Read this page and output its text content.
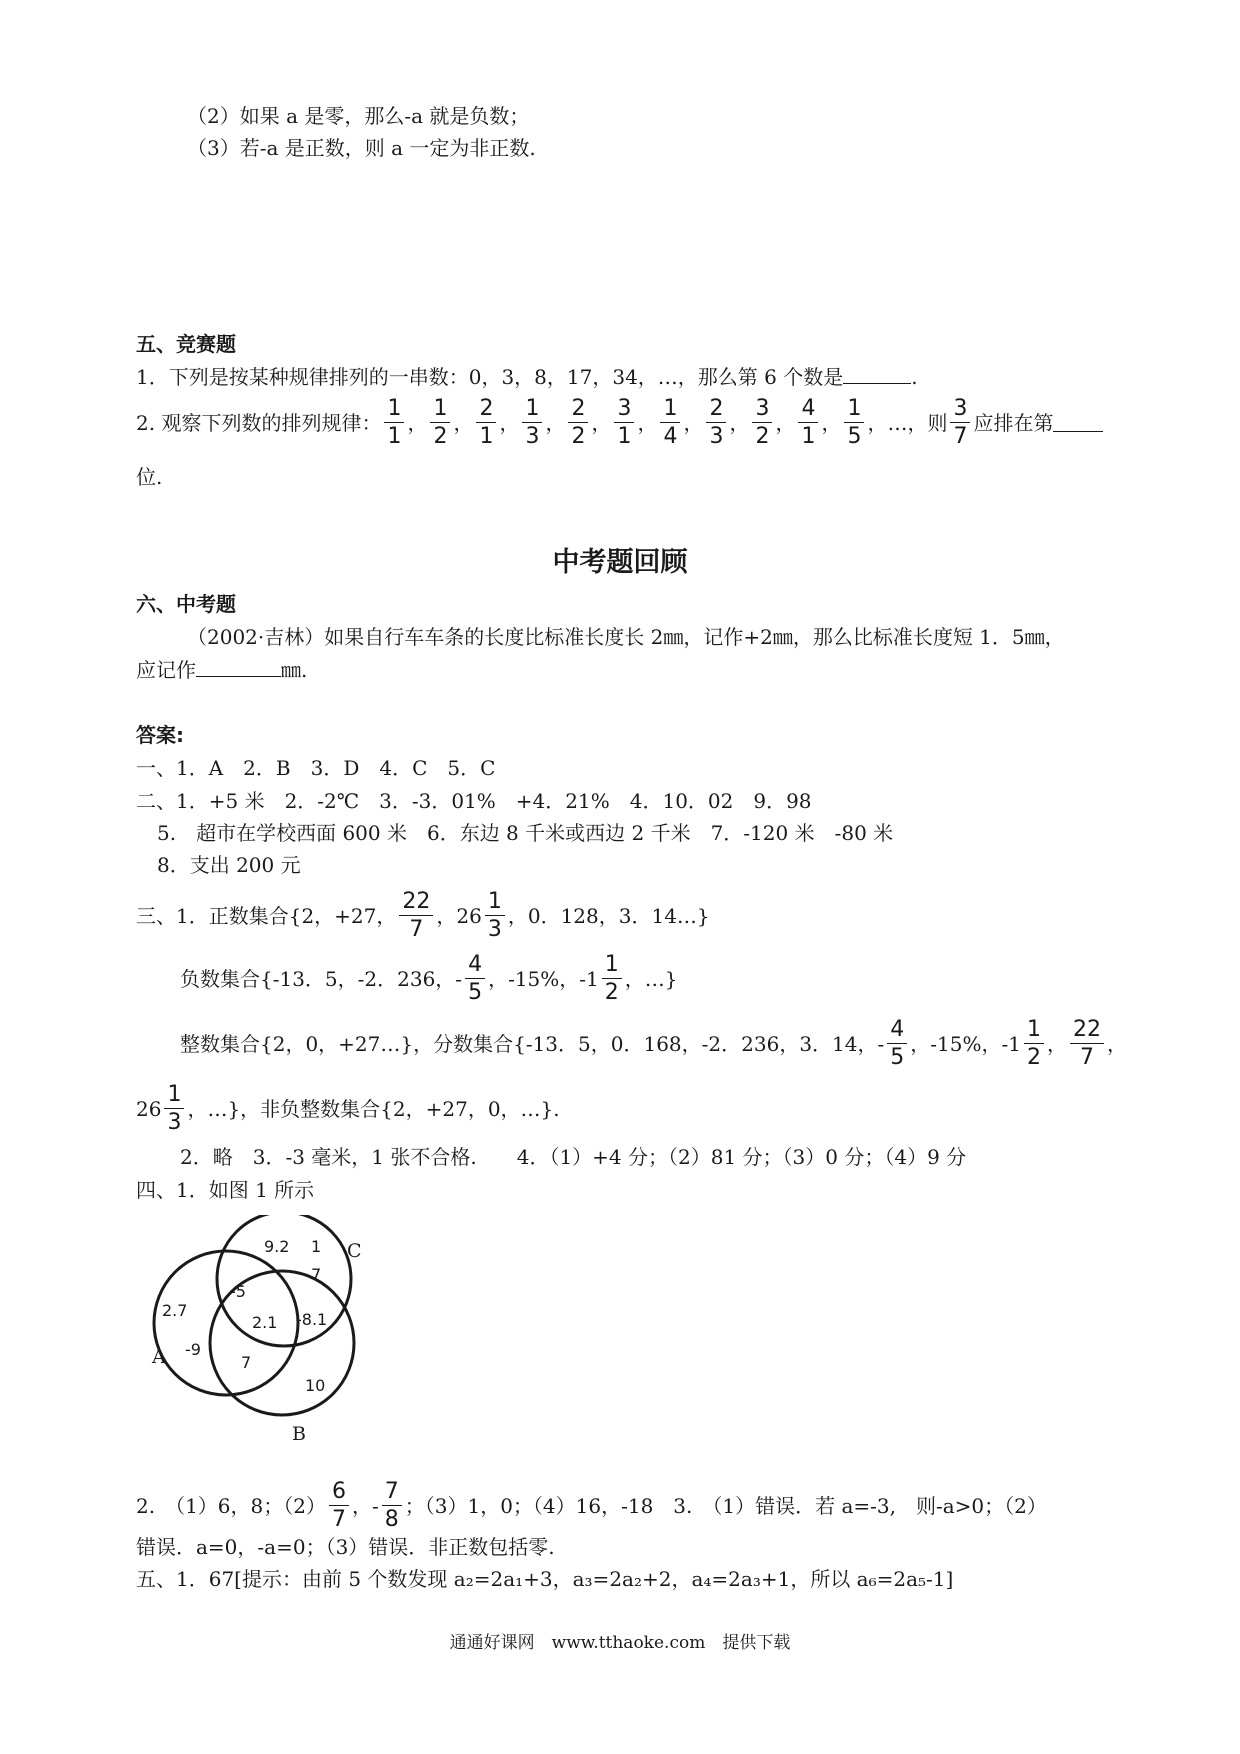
（2）如果 a 是零，那么-a 就是负数；
（3）若-a 是正数，则 a 一定为非正数.
五、竞赛题
1．下列是按某种规律排列的一串数：0，3，8，17，34，…，那么第 6 个数是	.
2. 观察下列数的排列规律： $\frac{1}{1}$ ， $\frac{1}{2}$ ， $\frac{2}{1}$ ， $\frac{1}{3}$ ， $\frac{2}{2}$ ， $\frac{3}{1}$ ， $\frac{1}{4}$ ， $\frac{2}{3}$ ， $\frac{3}{2}$ ， $\frac{4}{1}$ ， $\frac{1}{5}$ ， …，则 $\frac{3}{7}$ 应排在第
位.
中考题回顾
六、中考题
（2002·吉林）如果自行车车条的长度比标准长度长 2㎜，记作+2㎜，那么比标准长度短 1．5㎜，
应记作	㎜.
答案:
一、1．A　2．B　3．D　4．C　5．C
二、1．+5 米　2．-2℃　3．-3．01%　+4．21%　4．10．02　9．98
5.　超市在学校西面 600 米　6．东边 8 千米或西边 2 千米　7．-120 米　-80 米
8．支出 200 元
三、1．正数集合{2，+27， $\frac{22}{7}$ ， $26 \frac{1}{3}$ ，0．128，3．14…}
负数集合{-13．5，-2．236，- $\frac{4}{5}$ ，-15%，- $1 \frac{1}{2}$ ，…}
整数集合{2，0，+27…}，分数集合{-13．5，0．168，-2．236，3．14，- $\frac{4}{5}$ ，-15%，- $1 \frac{1}{2}$ ， $\frac{22}{7}$ ，
$26 \frac{1}{3}$ ，…}，非负整数集合{2，+27，0，…}.
2．略　3．-3 毫米，1 张不合格.　　4．（1）+4 分；（2）81 分；（3）0 分；（4）9 分
四、1．如图 1 所示
A
B
C
9.2 1
7
-5
2.7
2.1 -8.1
-9
7
10
2.　（1）6，8；$(2) \frac{6}{7}$ ，- $\frac{7}{8}$ ；（3）1，0；（4）16，-18　3.　（1）错误．若 a=-3,　则-a>0；（2）
错误．a=0，-a=0；（3）错误．非正数包括零.
五、1．67[提示：由前 5 个数发现 a₂=2a₁+3，a₃=2a₂+2，a₄=2a₃+1，所以 a₆=2a₅-1]
通通好课网　www.tthaoke.com　提供下载
